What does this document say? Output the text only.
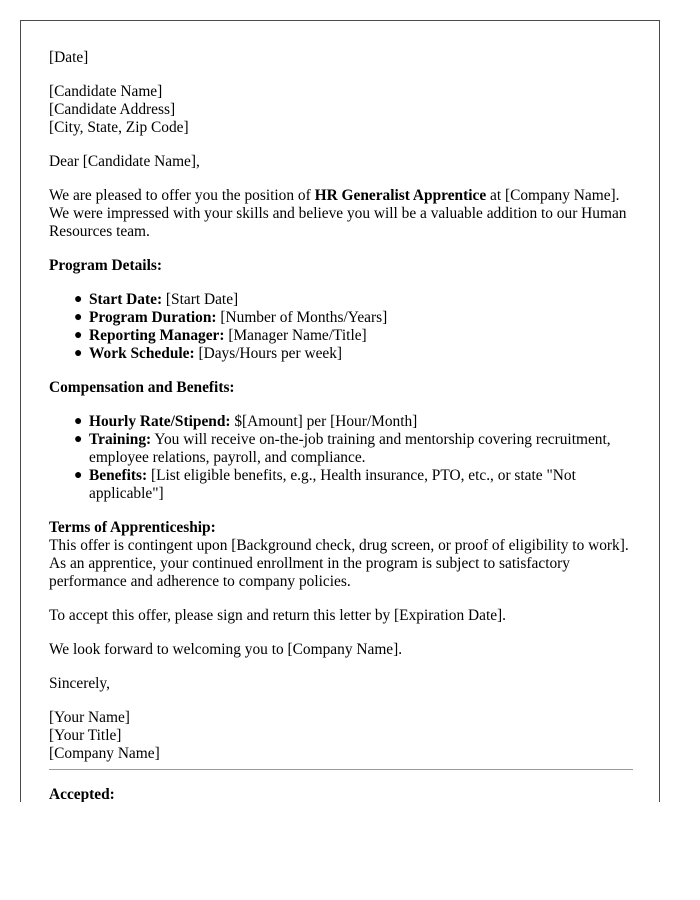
[Date]

[Candidate Name]
[Candidate Address]
[City, State, Zip Code]

Dear [Candidate Name],

We are pleased to offer you the position of HR Generalist Apprentice at [Company Name]. We were impressed with your skills and believe you will be a valuable addition to our Human Resources team.

Program Details:

● Start Date: [Start Date]
● Program Duration: [Number of Months/Years]
● Reporting Manager: [Manager Name/Title]
● Work Schedule: [Days/Hours per week]

Compensation and Benefits:

● Hourly Rate/Stipend: $[Amount] per [Hour/Month]
● Training: You will receive on-the-job training and mentorship covering recruitment, employee relations, payroll, and compliance.
● Benefits: [List eligible benefits, e.g., Health insurance, PTO, etc., or state "Not applicable"]

Terms of Apprenticeship:
This offer is contingent upon [Background check, drug screen, or proof of eligibility to work]. As an apprentice, your continued enrollment in the program is subject to satisfactory performance and adherence to company policies.

To accept this offer, please sign and return this letter by [Expiration Date].

We look forward to welcoming you to [Company Name].

Sincerely,

[Your Name]
[Your Title]
[Company Name]

Accepted:
